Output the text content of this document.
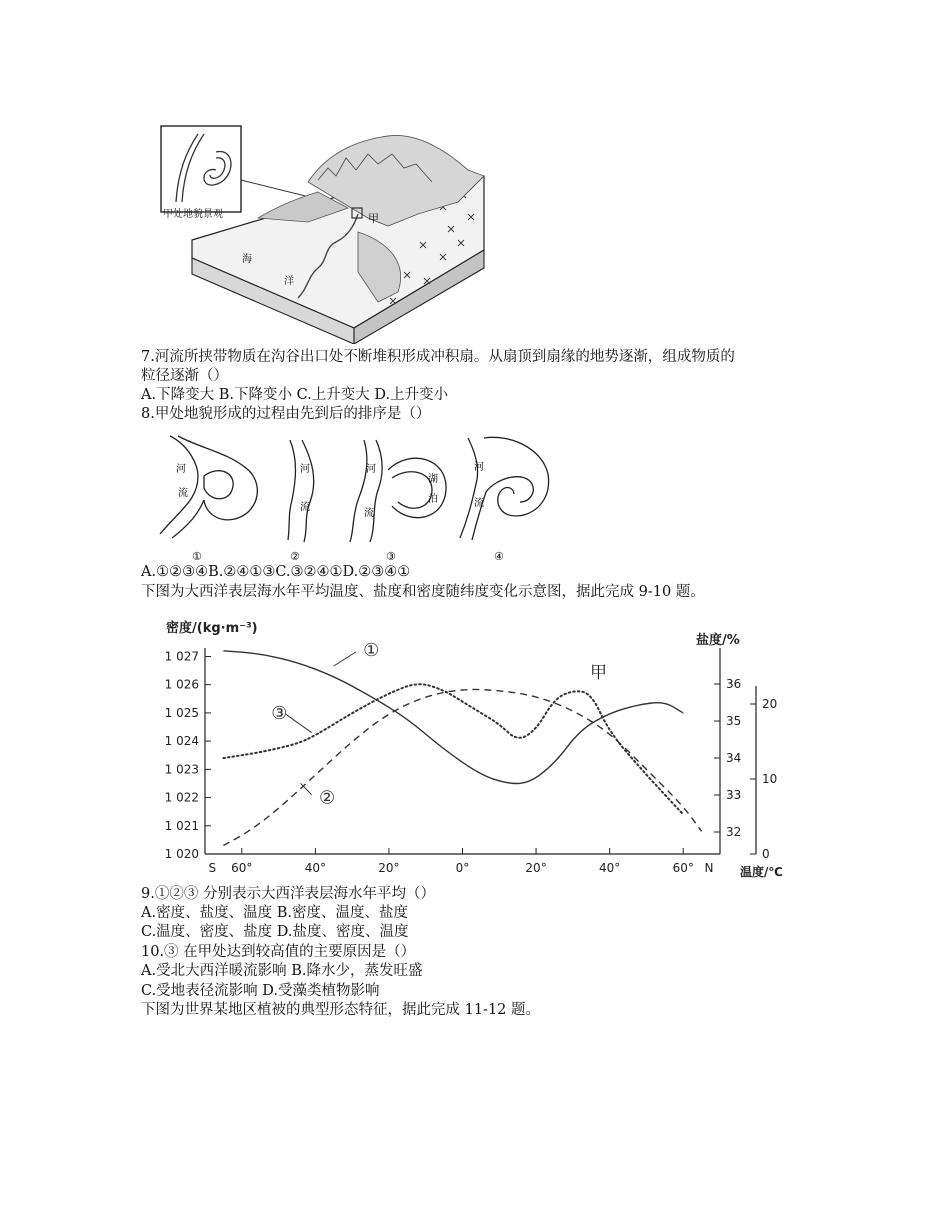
甲处地貌景观	甲
海
洋
7.河流所挟带物质在沟谷出口处不断堆积形成冲积扇。从扇顶到扇缘的地势逐渐，组成物质的
粒径逐渐（）
A.下降变大 B.下降变小 C.上升变大 D.上升变小
8.甲处地貌形成的过程由先到后的排序是（）
河
流
①
河
流
②
河
流
湖
泊
③
河
流
④
A.①②③④B.②④①③C.③②④①D.②③④①
下图为大西洋表层海水年平均温度、盐度和密度随纬度变化示意图，据此完成 9-10 题。
密度/(kg·m⁻³)
盐度/%
温度/℃
甲
1 027
1 026
1 025
1 024
1 023
1 022
1 021
1 020
36
35
34
33
32
20
10
0
S 60°	40°	20°	0°	20°	40°	60° N
①
③
②
9.①②③ 分别表示大西洋表层海水年平均（）
A.密度、盐度、温度 B.密度、温度、盐度
C.温度、密度、盐度 D.盐度、密度、温度
10.③ 在甲处达到较高值的主要原因是（）
A.受北大西洋暖流影响 B.降水少，蒸发旺盛
C.受地表径流影响 D.受藻类植物影响
下图为世界某地区植被的典型形态特征，据此完成 11-12 题。
